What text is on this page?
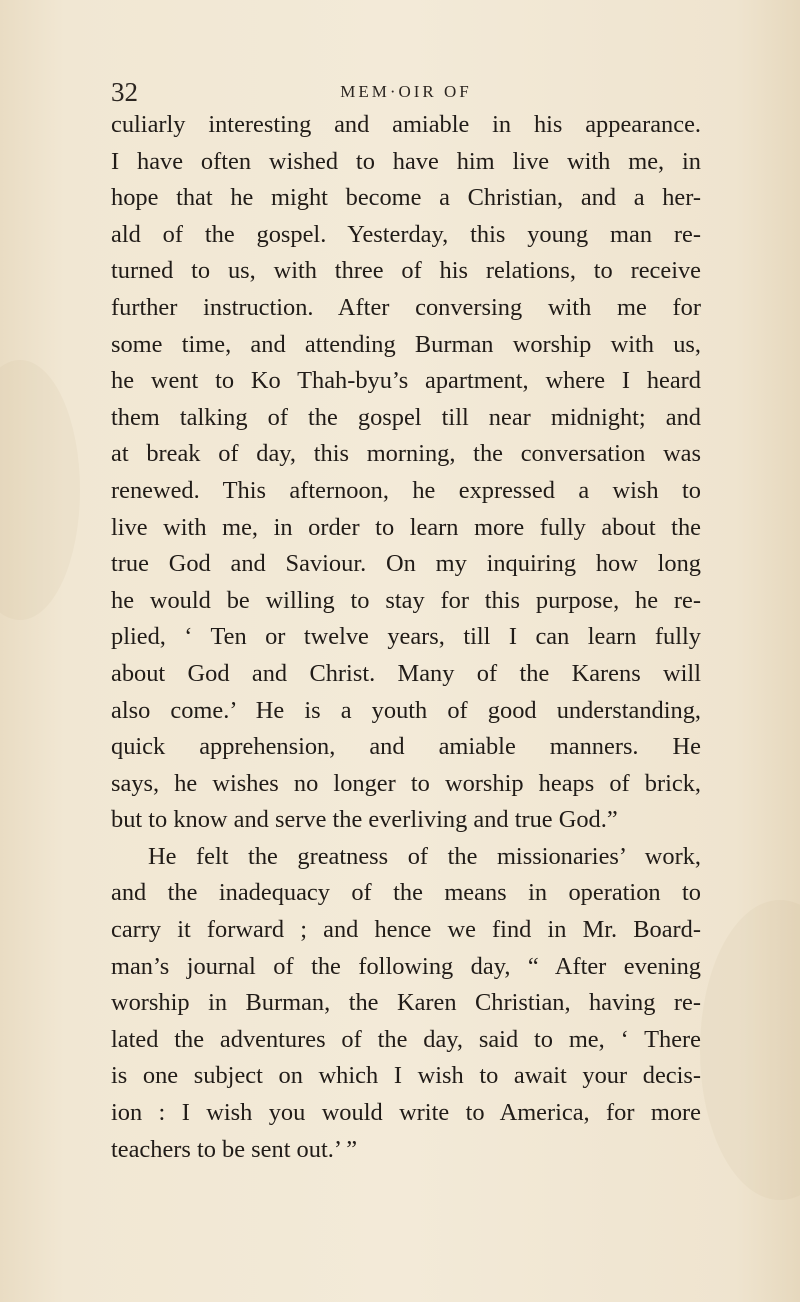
32	MEM·OIR OF
culiarly interesting and amiable in his appearance.
I have often wished to have him live with me, in
hope that he might become a Christian, and a her-
ald of the gospel. Yesterday, this young man re-
turned to us, with three of his relations, to receive
further instruction. After conversing with me for
some time, and attending Burman worship with us,
he went to Ko Thah-byu’s apartment, where I heard
them talking of the gospel till near midnight; and
at break of day, this morning, the conversation was
renewed. This afternoon, he expressed a wish to
live with me, in order to learn more fully about the
true God and Saviour. On my inquiring how long
he would be willing to stay for this purpose, he re-
plied, ‘ Ten or twelve years, till I can learn fully
about God and Christ. Many of the Karens will
also come.’ He is a youth of good understanding,
quick apprehension, and amiable manners. He
says, he wishes no longer to worship heaps of brick,
but to know and serve the everliving and true God.”
He felt the greatness of the missionaries’ work,
and the inadequacy of the means in operation to
carry it forward ; and hence we find in Mr. Board-
man’s journal of the following day, “ After evening
worship in Burman, the Karen Christian, having re-
lated the adventures of the day, said to me, ‘ There
is one subject on which I wish to await your decis-
ion : I wish you would write to America, for more
teachers to be sent out.’ ”
